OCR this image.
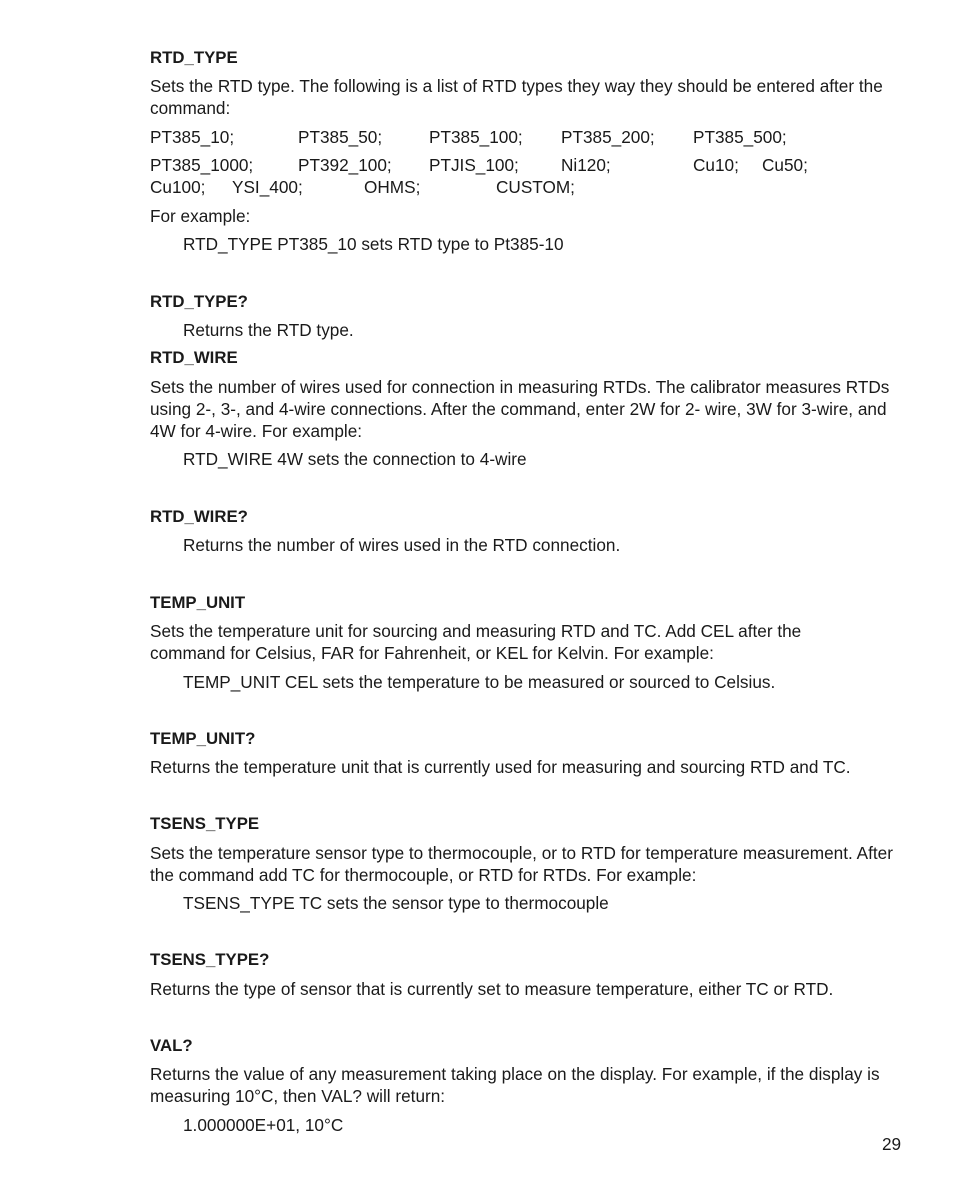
RTD_TYPE
Sets the RTD type. The following is a list of RTD types they way they should be entered after the command:
PT385_10;	PT385_50;	PT385_100; PT385_200; PT385_500;
PT385_1000;	PT392_100; PTJIS_100; Ni120;	Cu10; Cu50;
Cu100; YSI_400;	OHMS;	CUSTOM;
For example:
RTD_TYPE PT385_10 sets RTD type to Pt385-10
RTD_TYPE?
Returns the RTD type.
RTD_WIRE
Sets the number of wires used for connection in measuring RTDs. The calibrator measures RTDs using 2-, 3-, and 4-wire connections. After the command, enter 2W for 2- wire, 3W for 3-wire, and 4W for 4-wire. For example:
RTD_WIRE 4W sets the connection to 4-wire
RTD_WIRE?
Returns the number of wires used in the RTD connection.
TEMP_UNIT
Sets the temperature unit for sourcing and measuring RTD and TC. Add CEL after the command for Celsius, FAR for Fahrenheit, or KEL for Kelvin. For example:
TEMP_UNIT CEL sets the temperature to be measured or sourced to Celsius.
TEMP_UNIT?
Returns the temperature unit that is currently used for measuring and sourcing RTD and TC.
TSENS_TYPE
Sets the temperature sensor type to thermocouple, or to RTD for temperature measurement. After the command add TC for thermocouple, or RTD for RTDs. For example:
TSENS_TYPE TC sets the sensor type to thermocouple
TSENS_TYPE?
Returns the type of sensor that is currently set to measure temperature, either TC or RTD.
VAL?
Returns the value of any measurement taking place on the display. For example, if the display is measuring 10°C, then VAL? will return:
1.000000E+01, 10°C
29
